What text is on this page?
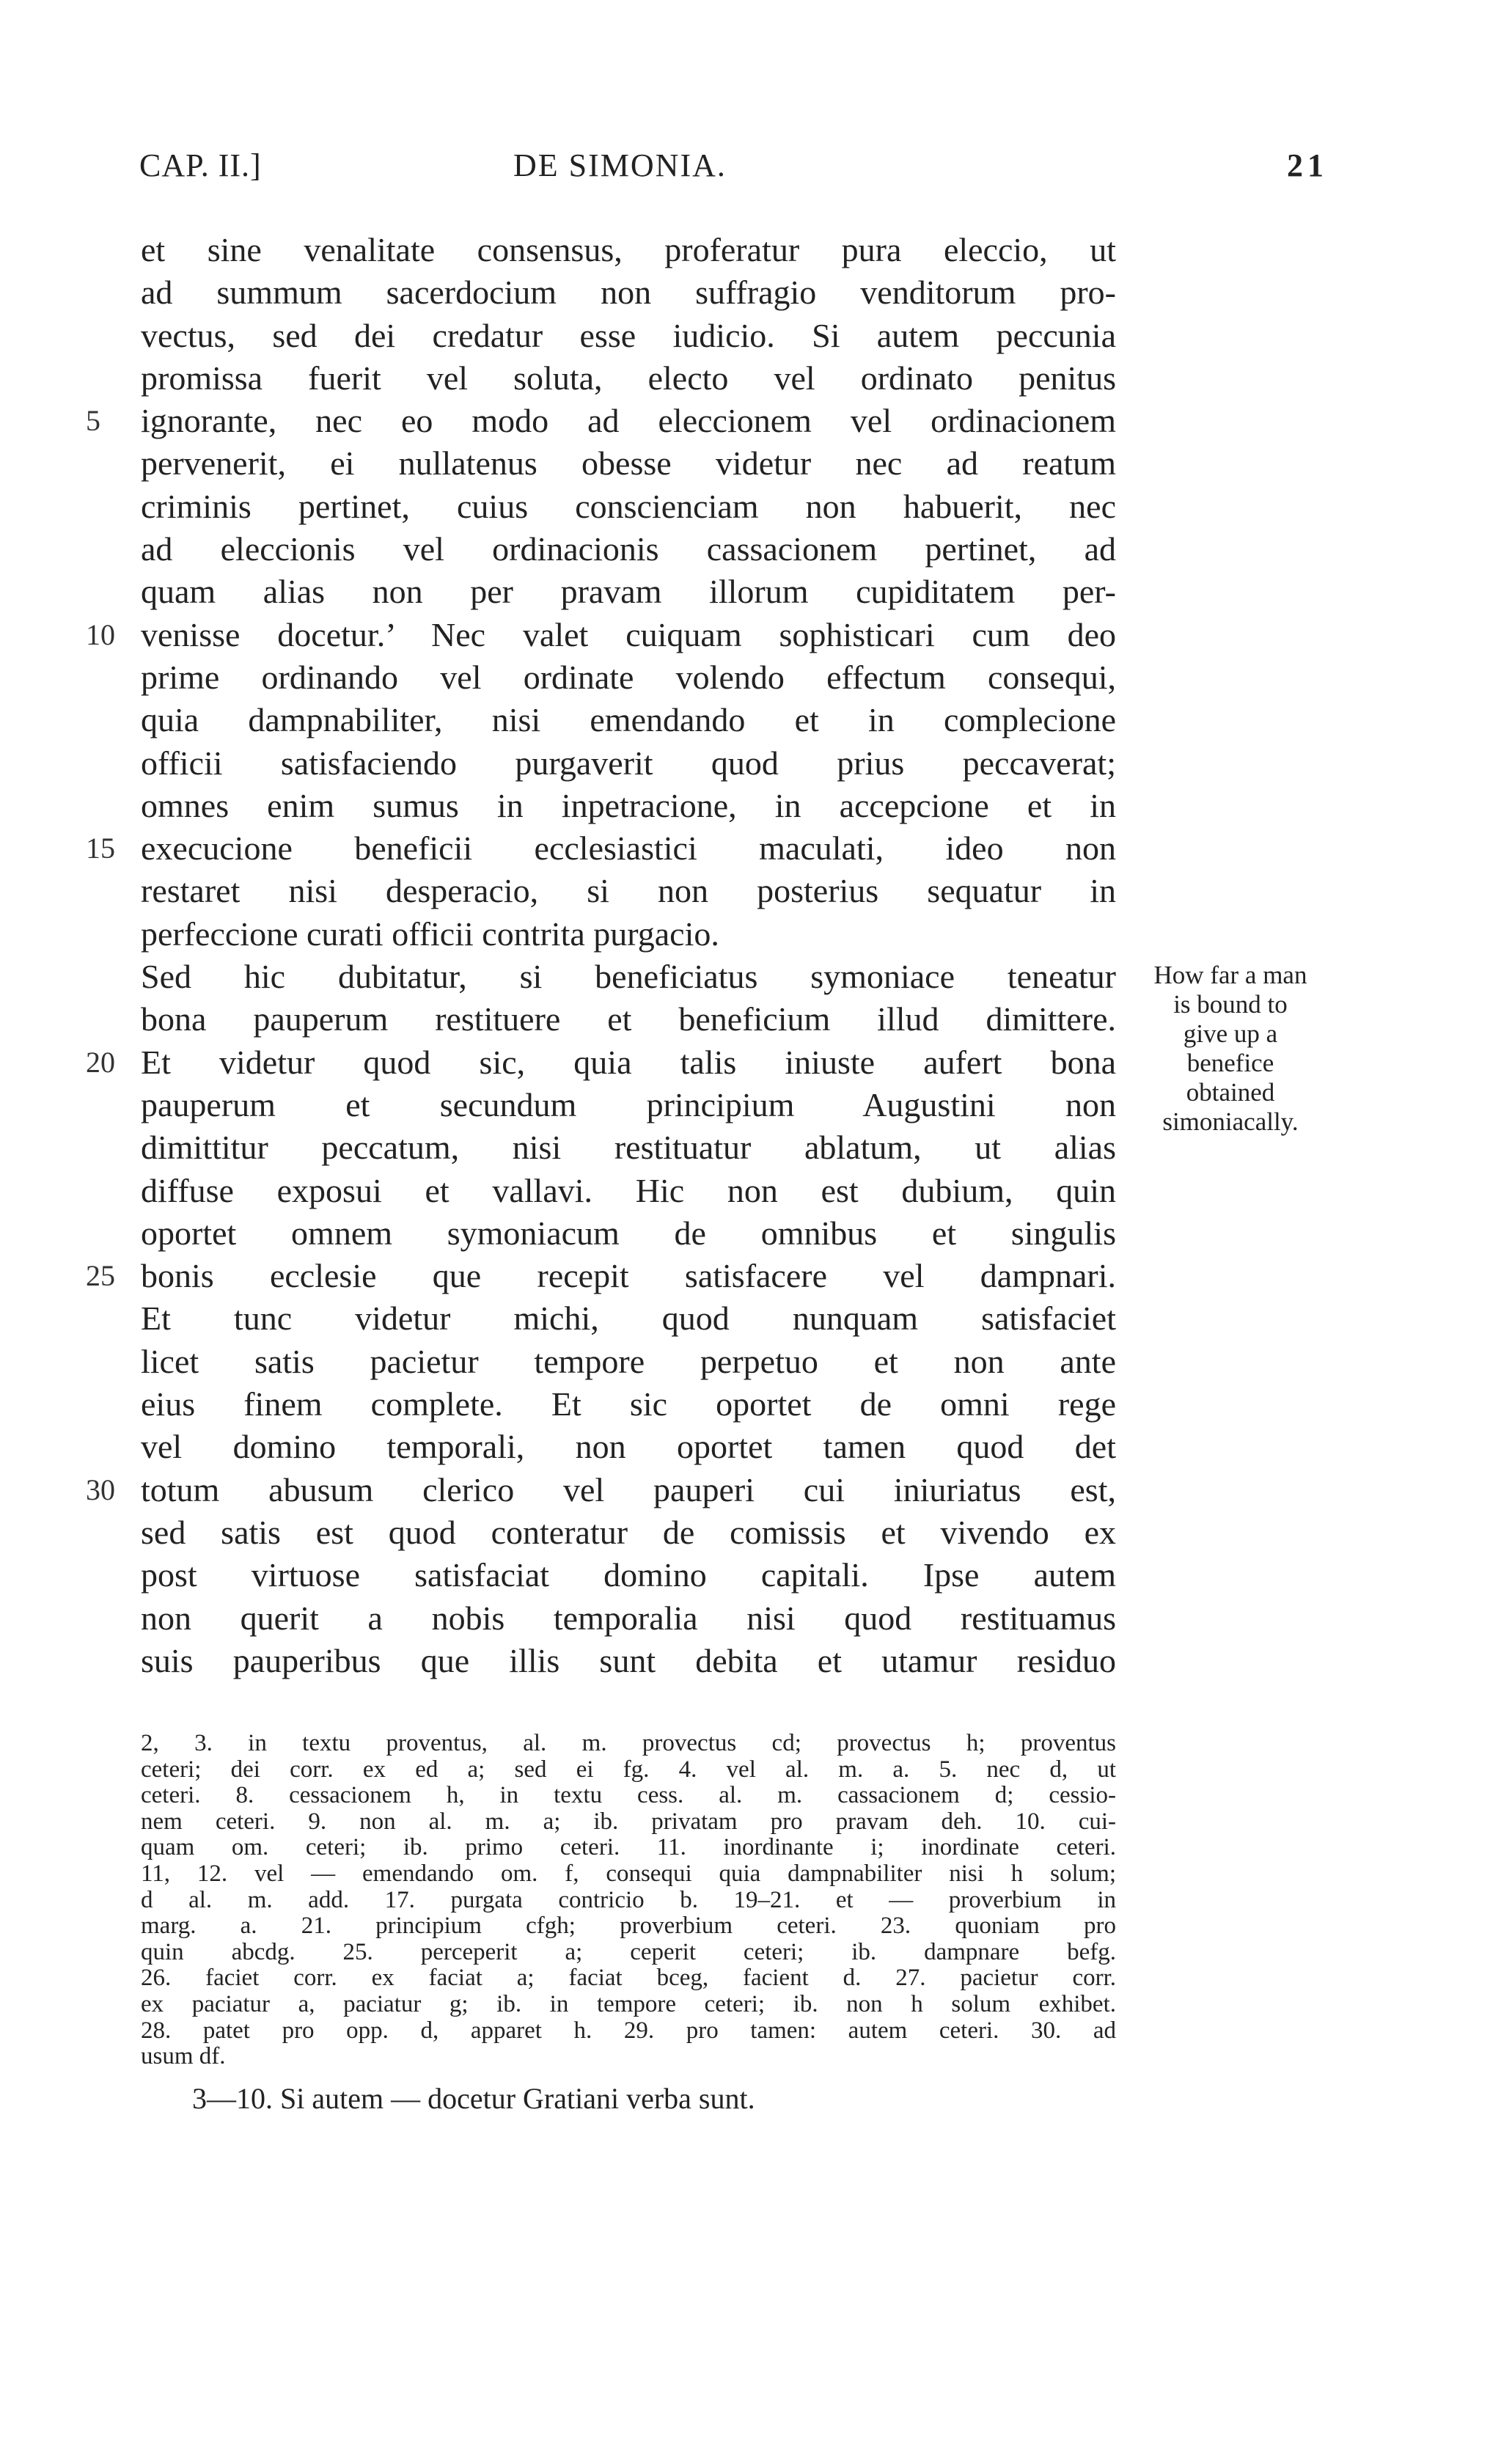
CAP. II.]	DE SIMONIA.	21
et sine venalitate consensus, proferatur pura eleccio, ut
ad summum sacerdocium non suffragio venditorum pro-
vectus, sed dei credatur esse iudicio. Si autem peccunia
promissa fuerit vel soluta, electo vel ordinato penitus
ignorante, nec eo modo ad eleccionem vel ordinacionem
5
pervenerit, ei nullatenus obesse videtur nec ad reatum
criminis pertinet, cuius conscienciam non habuerit, nec
ad eleccionis vel ordinacionis cassacionem pertinet, ad
quam alias non per pravam illorum cupiditatem per-
venisse docetur.’ Nec valet cuiquam sophisticari cum deo
10
prime ordinando vel ordinate volendo effectum consequi,
quia dampnabiliter, nisi emendando et in complecione
officii satisfaciendo purgaverit quod prius peccaverat;
omnes enim sumus in inpetracione, in accepcione et in
execucione beneficii ecclesiastici maculati, ideo non
15
restaret nisi desperacio, si non posterius sequatur in
perfeccione curati officii contrita purgacio.
Sed hic dubitatur, si beneficiatus symoniace teneatur
bona pauperum restituere et beneficium illud dimittere.
Et videtur quod sic, quia talis iniuste aufert bona
20
pauperum et secundum principium Augustini non
dimittitur peccatum, nisi restituatur ablatum, ut alias
diffuse exposui et vallavi. Hic non est dubium, quin
oportet omnem symoniacum de omnibus et singulis
bonis ecclesie que recepit satisfacere vel dampnari.
25
Et tunc videtur michi, quod nunquam satisfaciet
licet satis pacietur tempore perpetuo et non ante
eius finem complete. Et sic oportet de omni rege
vel domino temporali, non oportet tamen quod det
totum abusum clerico vel pauperi cui iniuriatus est,
30
sed satis est quod conteratur de comissis et vivendo ex
post virtuose satisfaciat domino capitali. Ipse autem
non querit a nobis temporalia nisi quod restituamus
suis pauperibus que illis sunt debita et utamur residuo
How far a man
is bound to
give up a
benefice
obtained
simoniacally.
2, 3. in textu proventus, al. m. provectus cd; provectus h; proventus
ceteri; dei corr. ex ed a; sed ei fg. 4. vel al. m. a. 5. nec d, ut
ceteri. 8. cessacionem h, in textu cess. al. m. cassacionem d; cessio-
nem ceteri. 9. non al. m. a; ib. privatam pro pravam deh. 10. cui-
quam om. ceteri; ib. primo ceteri. 11. inordinante i; inordinate ceteri.
11, 12. vel — emendando om. f, consequi quia dampnabiliter nisi h solum;
d al. m. add. 17. purgata contricio b. 19–21. et — proverbium in
marg. a. 21. principium cfgh; proverbium ceteri. 23. quoniam pro
quin abcdg. 25. perceperit a; ceperit ceteri; ib. dampnare befg.
26. faciet corr. ex faciat a; faciat bceg, facient d. 27. pacietur corr.
ex paciatur a, paciatur g; ib. in tempore ceteri; ib. non h solum exhibet.
28. patet pro opp. d, apparet h. 29. pro tamen: autem ceteri. 30. ad
usum df.
3—10. Si autem — docetur Gratiani verba sunt.
